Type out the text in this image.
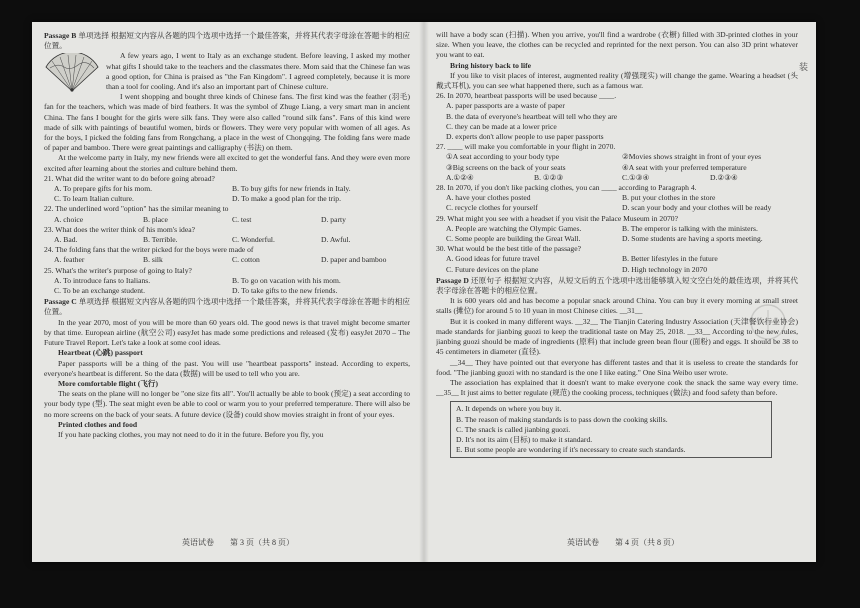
Passage B 单项选择 根据短文内容从各题的四个选项中选择一个最佳答案，并将其代表字母涂在答题卡的相应位置。

A few years ago, I went to Italy as an exchange student. Before leaving, I asked my mother what gifts I should take to the teachers and the classmates there. Mom said that the Chinese fan was a good option, for China is praised as "the Fan Kingdom". I agreed completely, because it is more than a tool for cooling. And it's also an important part of Chinese culture.

I went shopping and bought three kinds of Chinese fans. The first kind was the feather (羽毛) fan for the teachers, which was made of bird feathers. It was the symbol of Zhuge Liang, a very smart man in ancient China. The fans I bought for the girls were silk fans. They were also called "round silk fans". Fans of this kind were made of silk with paintings of beautiful women, birds or flowers. They were very popular with women of all ages. As for the boys, I picked the folding fans from Rongchang, a place in the west of Chongqing. The folding fans were made of paper and bamboo. There were great paintings and calligraphy (书法) on them.

At the welcome party in Italy, my new friends were all excited to get the wonderful fans. And they were even more excited after learning about the stories and culture behind them.

21. What did the writer want to do before going abroad?

A. To prepare gifts for his mom.	B. To buy gifts for new friends in Italy.
C. To learn Italian culture.	D. To make a good plan for the trip.

22. The underlined word "option" has the similar meaning to

A. choice	B. place	C. test	D. party

23. What does the writer think of his mom's idea?

A. Bad.	B. Terrible.	C. Wonderful.	D. Awful.

24. The folding fans that the writer picked for the boys were made of

A. feather	B. silk	C. cotton	D. paper and bamboo

25. What's the writer's purpose of going to Italy?

A. To introduce fans to Italians.	B. To go on vacation with his mom.
C. To be an exchange student.	D. To take gifts to the new friends.

Passage C 单项选择 根据短文内容从各题的四个选项中选择一个最佳答案，并将其代表字母涂在答题卡的相应位置。

In the year 2070, most of you will be more than 60 years old. The good news is that travel might become smarter by that time. European airline (航空公司) easyJet has made some predictions and released (发布) easyJet 2070 – The Future Travel Report. Let's take a look at some cool ideas.

Heartbeat (心跳) passport

Paper passports will be a thing of the past. You will use "heartbeat passports" instead. According to experts, everyone's heartbeat is different. So the data (数据) will be used to tell who you are.

More comfortable flight (飞行)

The seats on the plane will no longer be "one size fits all". You'll actually be able to book (预定) a seat according to your body type (型). The seat might even be able to cool or warm you to your preferred temperature. There will also be no more screens on the back of your seats. A future device (设备) could show movies straight in front of your eyes.

Printed clothes and food

If you hate packing clothes, you may not need to do it in the future. Before you fly, you

英语试卷　　第 3 页（共 8 页）

will have a body scan (扫描). When you arrive, you'll find a wardrobe (衣橱) filled with 3D-printed clothes in your size. When you leave, the clothes can be recycled and reprinted for the next person. You can also 3D print whatever you want to eat.

Bring history back to life

If you like to visit places of interest, augmented reality (增强现实) will change the game. Wearing a headset (头戴式耳机), you can see what happened there, such as a famous war.

26. In 2070, heartbeat passports will be used because ____.

A. paper passports are a waste of paper
B. the data of everyone's heartbeat will tell who they are
C. they can be made at a lower price
D. experts don't allow people to use paper passports

27. ____ will make you comfortable in your flight in 2070.

①A seat according to your body type	②Movies shows straight in front of your eyes
③Big screens on the back of your seats	④A seat with your preferred temperature
A.①②④	B. ①②③	C.①③④	D.②③④

28. In 2070, if you don't like packing clothes, you can ____ according to Paragraph 4.

A. have your clothes posted	B. put your clothes in the store
C. recycle clothes for yourself	D. scan your body and your clothes will be ready

29. What might you see with a headset if you visit the Palace Museum in 2070?

A. People are watching the Olympic Games.	B. The emperor is talking with the ministers.
C. Some people are building the Great Wall.	D. Some students are having a sports meeting.

30. What would be the best title of the passage?

A. Good ideas for future travel	B. Better lifestyles in the future
C. Future devices on the plane	D. High technology in 2070

Passage D 还原句子 根据短文内容，从短文后的五个选项中选出能够填入短文空白处的最佳选项，并将其代表字母涂在答题卡的相应位置。

It is 600 years old and has become a popular snack around China. You can buy it every morning at small street stalls (摊位) for around 5 to 10 yuan in most Chinese cities. __31__

But it is cooked in many different ways. __32__ The Tianjin Catering Industry Association (天津餐饮行业协会) made standards for jianbing guozi to keep the traditional taste on May 25, 2018. __33__ According to the new rules, jianbing guozi should be made of ingredients (原料) that include green bean flour (面粉) and eggs. It should be 38 to 45 centimeters in diameter (直径).

__34__ They have pointed out that everyone has different tastes and that it is useless to create the standards for food. "The jianbing guozi with no standard is the one I like eating." One Sina Weibo user wrote.

The association has explained that it doesn't want to make everyone cook the snack the same way every time. __35__ It just aims to better regulate (规范) the cooking process, techniques (做法) and food safety than before.

A. It depends on where you buy it.
B. The reason of making standards is to pass down the cooking skills.
C. The snack is called jianbing guozi.
D. It's not its aim (目标) to make it standard.
E. But some people are wondering if it's necessary to create such standards.
英语试卷　　第 4 页（共 8 页）
装
